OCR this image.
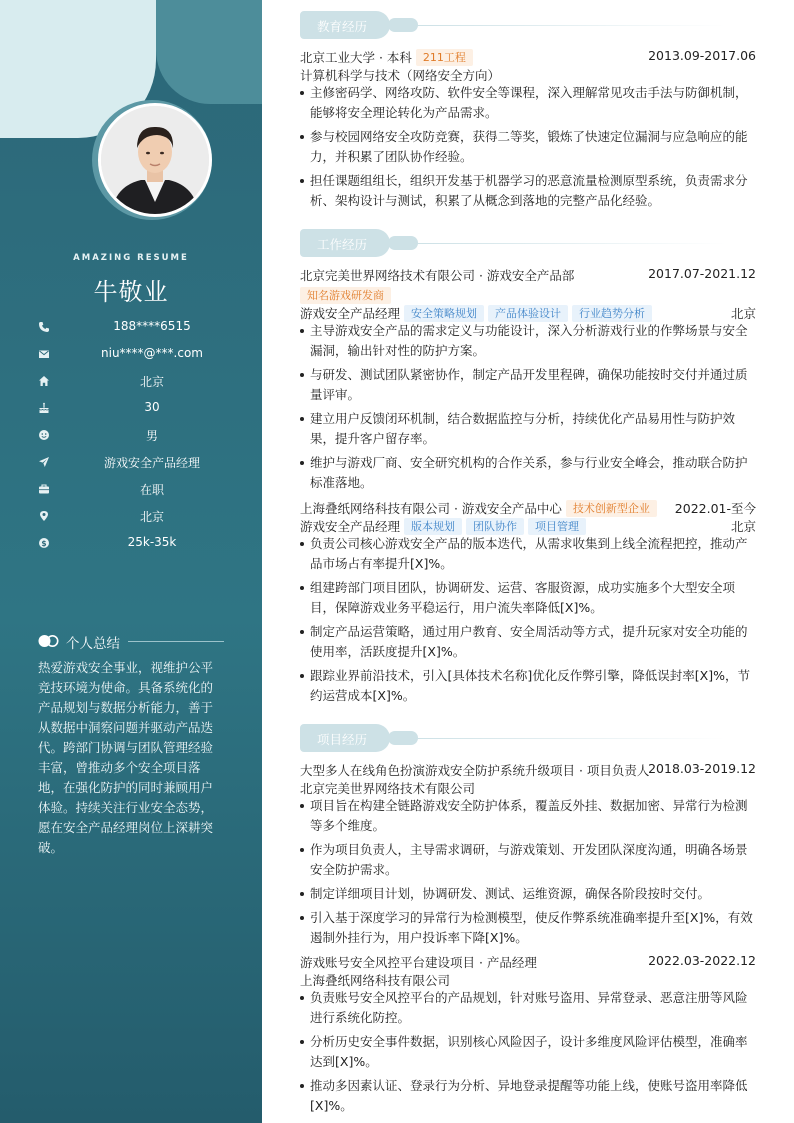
AMAZING RESUME
牛敬业
188****6515
niu****@***.com
北京
30
男
游戏安全产品经理
在职
北京
$	25k-35k
个人总结

热爱游戏安全事业，视维护公平竞技环境为使命。具备系统化的产品规划与数据分析能力，善于从数据中洞察问题并驱动产品迭代。跨部门协调与团队管理经验丰富，曾推动多个安全项目落地，在强化防护的同时兼顾用户体验。持续关注行业安全态势，愿在安全产品经理岗位上深耕突破。

教育经历
北京工业大学 · 本科 211工程	2013.09-2017.06
计算机科学与技术（网络安全方向）
主修密码学、网络攻防、软件安全等课程，深入理解常见攻击手法与防御机制，能够将安全理论转化为产品需求。
参与校园网络安全攻防竞赛，获得二等奖，锻炼了快速定位漏洞与应急响应的能力，并积累了团队协作经验。
担任课题组组长，组织开发基于机器学习的恶意流量检测原型系统，负责需求分析、架构设计与测试，积累了从概念到落地的完整产品化经验。
工作经历
北京完美世界网络技术有限公司 · 游戏安全产品部	2017.07-2021.12
知名游戏研发商
游戏安全产品经理 安全策略规划 产品体验设计 行业趋势分析	北京
主导游戏安全产品的需求定义与功能设计，深入分析游戏行业的作弊场景与安全漏洞，输出针对性的防护方案。
与研发、测试团队紧密协作，制定产品开发里程碑，确保功能按时交付并通过质量评审。
建立用户反馈闭环机制，结合数据监控与分析，持续优化产品易用性与防护效果，提升客户留存率。
维护与游戏厂商、安全研究机构的合作关系，参与行业安全峰会，推动联合防护标准落地。
上海叠纸网络科技有限公司 · 游戏安全产品中心 技术创新型企业	2022.01-至今
游戏安全产品经理 版本规划 团队协作 项目管理	北京
负责公司核心游戏安全产品的版本迭代，从需求收集到上线全流程把控，推动产品市场占有率提升[X]%。
组建跨部门项目团队，协调研发、运营、客服资源，成功实施多个大型安全项目，保障游戏业务平稳运行，用户流失率降低[X]%。
制定产品运营策略，通过用户教育、安全周活动等方式，提升玩家对安全功能的使用率，活跃度提升[X]%。
跟踪业界前沿技术，引入[具体技术名称]优化反作弊引擎，降低误封率[X]%，节约运营成本[X]%。
项目经历
大型多人在线角色扮演游戏安全防护系统升级项目 · 项目负责人
2018.03-2019.12
北京完美世界网络技术有限公司
项目旨在构建全链路游戏安全防护体系，覆盖反外挂、数据加密、异常行为检测等多个维度。
作为项目负责人，主导需求调研，与游戏策划、开发团队深度沟通，明确各场景安全防护需求。
制定详细项目计划，协调研发、测试、运维资源，确保各阶段按时交付。
引入基于深度学习的异常行为检测模型，使反作弊系统准确率提升至[X]%，有效遏制外挂行为，用户投诉率下降[X]%。
游戏账号安全风控平台建设项目 · 产品经理	2022.03-2022.12
上海叠纸网络科技有限公司
负责账号安全风控平台的产品规划，针对账号盗用、异常登录、恶意注册等风险进行系统化防控。
分析历史安全事件数据，识别核心风险因子，设计多维度风险评估模型，准确率达到[X]%。
推动多因素认证、登录行为分析、异地登录提醒等功能上线，使账号盗用率降低[X]%。
